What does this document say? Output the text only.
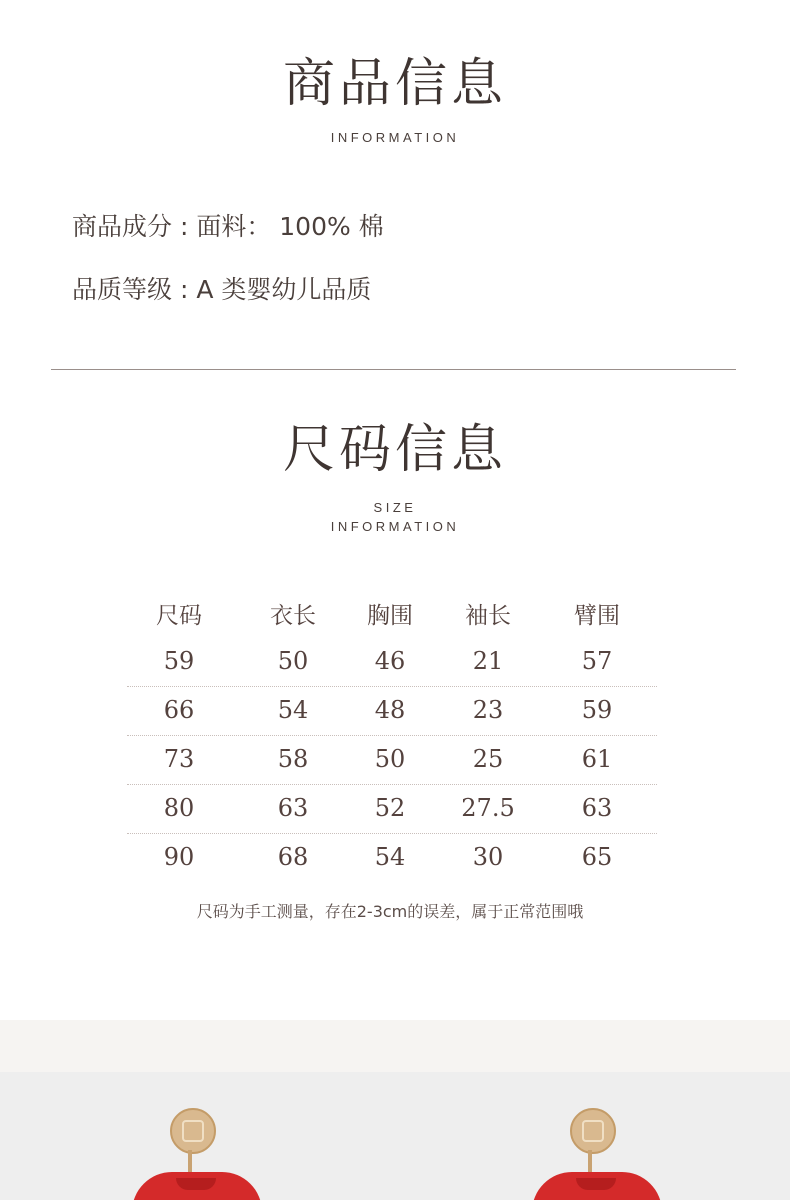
商品信息
INFORMATION
商品成分 : 面料： 100% 棉
品质等级 : A 类婴幼儿品质
尺码信息
SIZE
INFORMATION
尺码	衣长	胸围	袖长	臂围
59	50	46	21	57
66	54	48	23	59
73	58	50	25	61
80	63	52	27.5	63
90	68	54	30	65
尺码为手工测量，存在2-3cm的误差，属于正常范围哦
